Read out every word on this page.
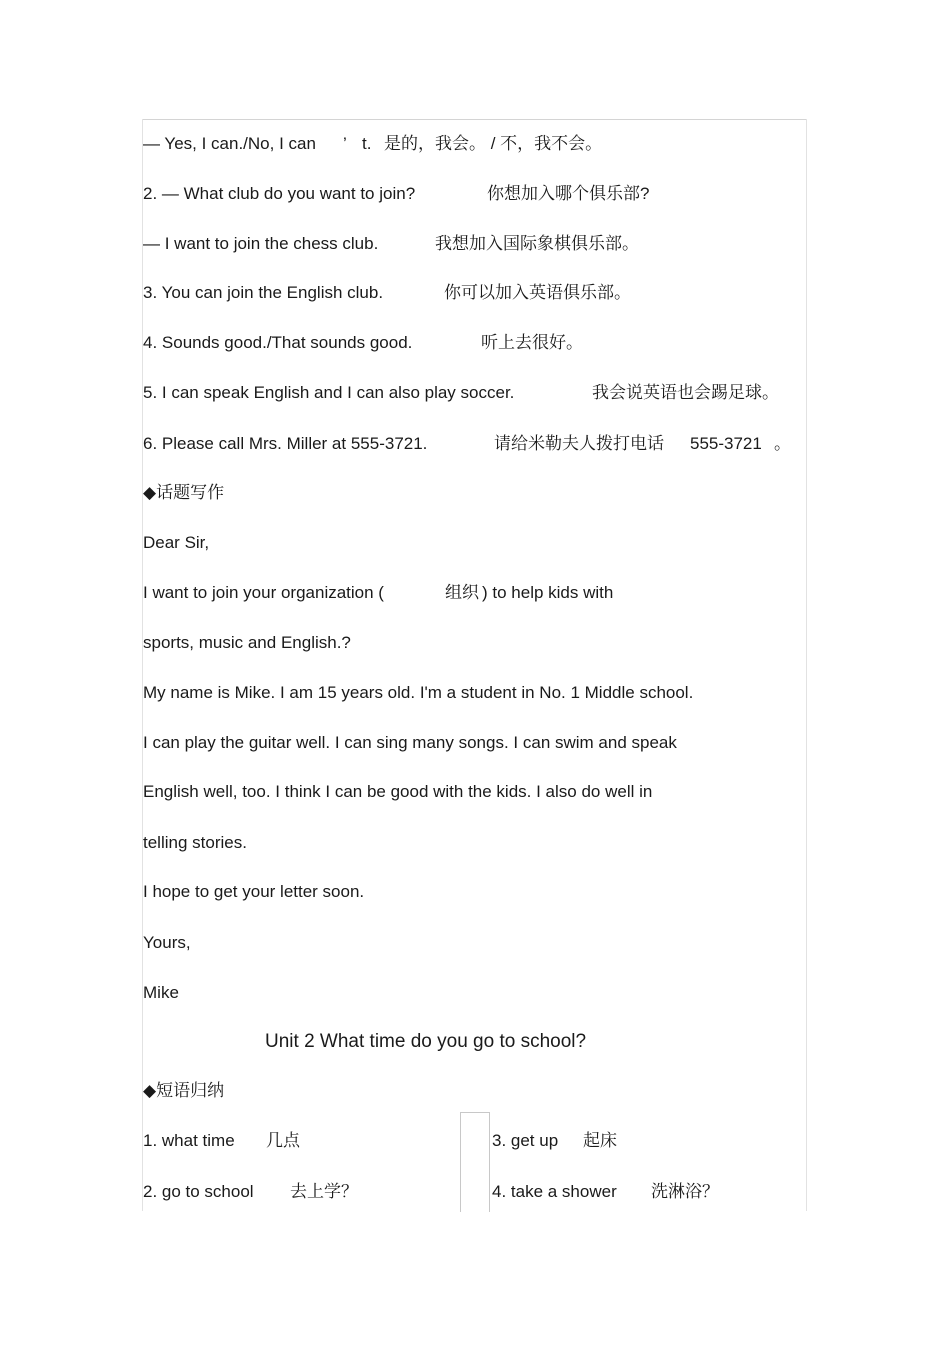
— Yes, I can./No, I can ’ t. 是的，我会。 / 不，我不会。
2. — What club do you want to join?	你想加入哪个俱乐部?
— I want to join the chess club.	我想加入国际象棋俱乐部。
3. You can join the English club.	你可以加入英语俱乐部。
4. Sounds good./That sounds good.	听上去很好。
5. I can speak English and I can also play soccer.	我会说英语也会踢足球。
6. Please call Mrs. Miller at 555-3721.	请给米勒夫人拨打电话 555-3721 。
◆话题写作
Dear Sir,
I want to join your organization (	组织 ) to help kids with
sports, music and English.?
My name is Mike. I am 15 years old. I'm a student in No. 1 Middle school.
I can play the guitar well. I can sing many songs. I can swim and speak
English well, too. I think I can be good with the kids. I also do well in
telling stories.
I hope to get your letter soon.
Yours,
Mike
Unit 2 What time do you go to school?
◆短语归纳
1. what time 几点	3. get up 起床
2. go to school 去上学？	4. take a shower 洗淋浴？
